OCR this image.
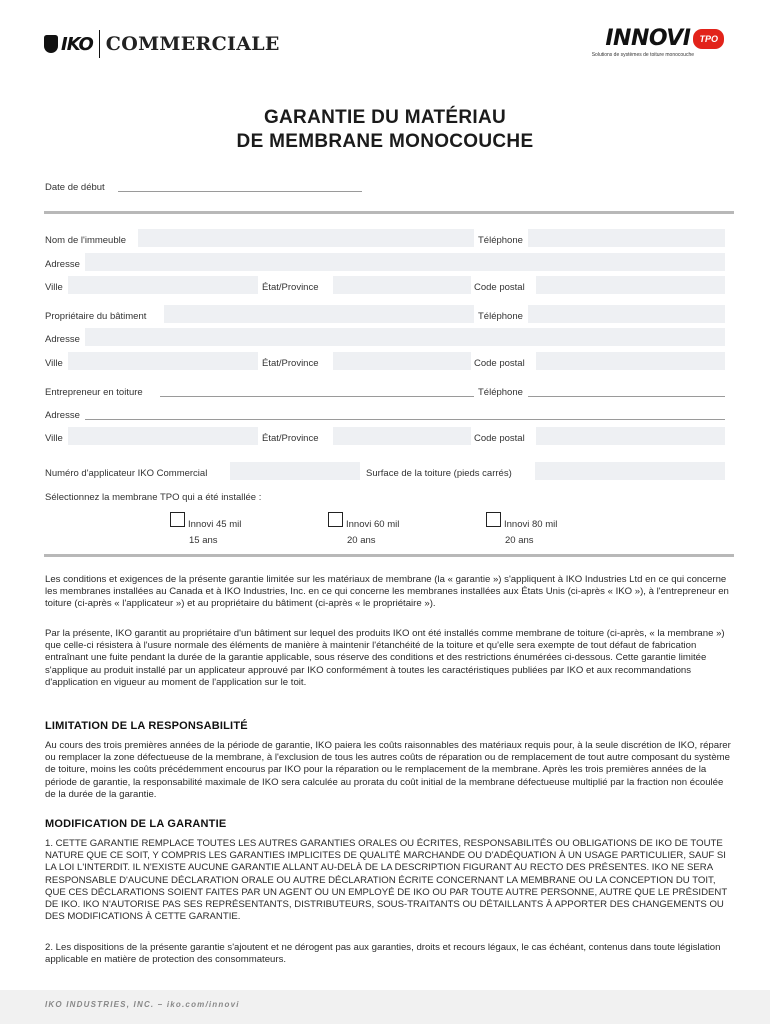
IKO COMMERCIALE	INNOVI	TPO
Solutions de systèmes de toiture monocouche
GARANTIE DU MATÉRIAU
DE MEMBRANE MONOCOUCHE
Date de début
Nom de l'immeuble	Téléphone
Adresse
Ville	État/Province	Code postal
Propriétaire du bâtiment	Téléphone
Adresse
Ville	État/Province	Code postal
Entrepreneur en toiture	Téléphone
Adresse
Ville	État/Province	Code postal
Numéro d'applicateur IKO Commercial	Surface de la toiture (pieds carrés)
Sélectionnez la membrane TPO qui a été installée :
Innovi 45 mil
15 ans
Innovi 60 mil
20 ans
Innovi 80 mil
20 ans
Les conditions et exigences de la présente garantie limitée sur les matériaux de membrane (la « garantie ») s'appliquent à IKO Industries Ltd en ce qui concerne les membranes installées au Canada et à IKO Industries, Inc. en ce qui concerne les membranes installées aux États Unis (ci-après « IKO »), à l'entrepreneur en toiture (ci-après « l'applicateur ») et au propriétaire du bâtiment (ci-après « le propriétaire »).
Par la présente, IKO garantit au propriétaire d'un bâtiment sur lequel des produits IKO ont été installés comme membrane de toiture (ci-après, « la membrane ») que celle-ci résistera à l'usure normale des éléments de manière à maintenir l'étanchéité de la toiture et qu'elle sera exempte de tout défaut de fabrication entraînant une fuite pendant la durée de la garantie applicable, sous réserve des conditions et des restrictions énumérées ci-dessous. Cette garantie limitée s'applique au produit installé par un applicateur approuvé par IKO conformément à toutes les caractéristiques publiées par IKO et aux recommandations d'application en vigueur au moment de l'application sur le toit.
LIMITATION DE LA RESPONSABILITÉ
Au cours des trois premières années de la période de garantie, IKO paiera les coûts raisonnables des matériaux requis pour, à la seule discrétion de IKO, réparer ou remplacer la zone défectueuse de la membrane, à l'exclusion de tous les autres coûts de réparation ou de remplacement de tout autre composant du système de toiture, moins les coûts précédemment encourus par IKO pour la réparation ou le remplacement de la membrane. Après les trois premières années de la période de garantie, la responsabilité maximale de IKO sera calculée au prorata du coût initial de la membrane défectueuse multiplié par la fraction non écoulée de la durée de la garantie.
MODIFICATION DE LA GARANTIE
1. CETTE GARANTIE REMPLACE TOUTES LES AUTRES GARANTIES ORALES OU ÉCRITES, RESPONSABILITÉS OU OBLIGATIONS DE IKO DE TOUTE NATURE QUE CE SOIT, Y COMPRIS LES GARANTIES IMPLICITES DE QUALITÉ MARCHANDE OU D'ADÉQUATION À UN USAGE PARTICULIER, SAUF SI LA LOI L'INTERDIT. IL N'EXISTE AUCUNE GARANTIE ALLANT AU-DELÀ DE LA DESCRIPTION FIGURANT AU RECTO DES PRÉSENTES. IKO NE SERA RESPONSABLE D'AUCUNE DÉCLARATION ORALE OU AUTRE DÉCLARATION ÉCRITE CONCERNANT LA MEMBRANE OU LA CONCEPTION DU TOIT, QUE CES DÉCLARATIONS SOIENT FAITES PAR UN AGENT OU UN EMPLOYÉ DE IKO OU PAR TOUTE AUTRE PERSONNE, AUTRE QUE LE PRÉSIDENT DE IKO. IKO N'AUTORISE PAS SES REPRÉSENTANTS, DISTRIBUTEURS, SOUS-TRAITANTS OU DÉTAILLANTS À APPORTER DES CHANGEMENTS OU DES MODIFICATIONS À CETTE GARANTIE.
2. Les dispositions de la présente garantie s'ajoutent et ne dérogent pas aux garanties, droits et recours légaux, le cas échéant, contenus dans toute législation applicable en matière de protection des consommateurs.
IKO INDUSTRIES, INC. – iko.com/innovi
